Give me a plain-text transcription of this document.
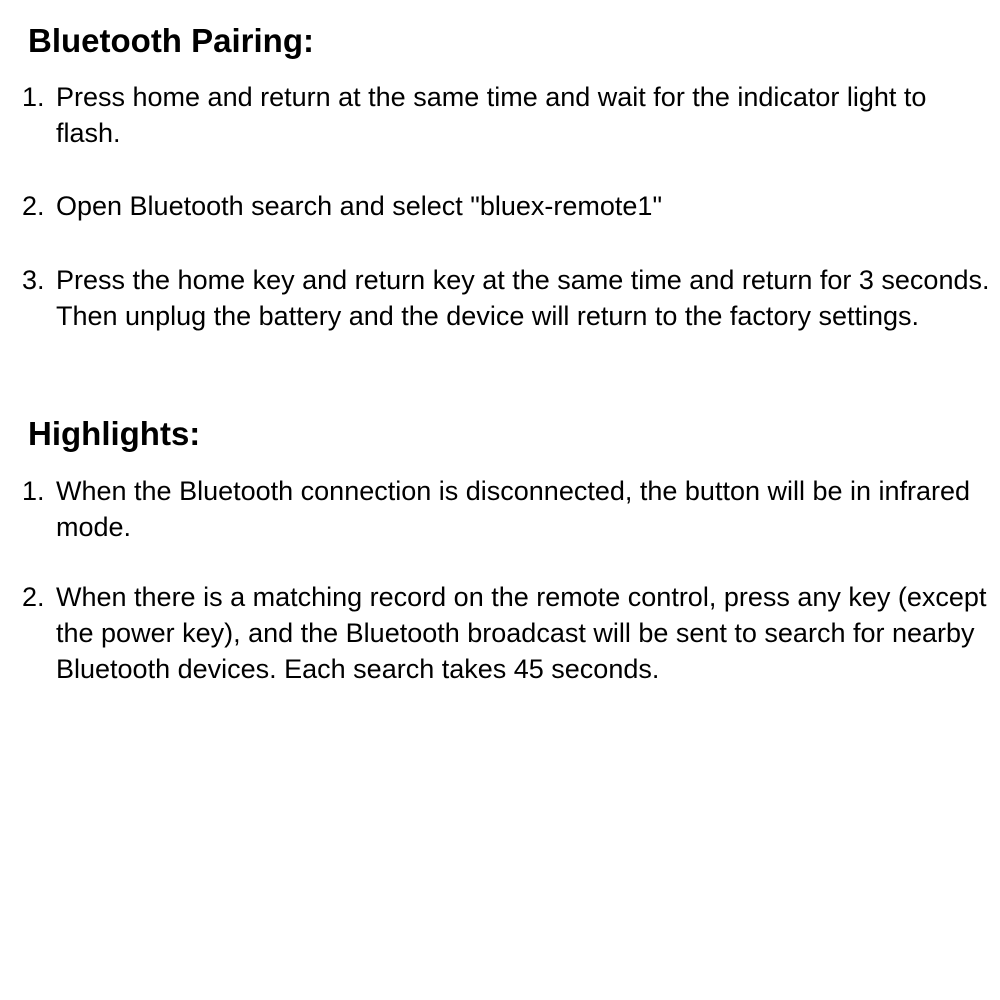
Bluetooth Pairing:
1. Press home and return at the same time and wait for the indicator light to flash.
2. Open Bluetooth search and select "bluex-remote1"
3. Press the home key and return key at the same time and return for 3 seconds. Then unplug the battery and the device will return to the factory settings.
Highlights:
1. When the Bluetooth connection is disconnected, the button will be in infrared mode.
2. When there is a matching record on the remote control, press any key (except the power key), and the Bluetooth broadcast will be sent to search for nearby Bluetooth devices. Each search takes 45 seconds.
